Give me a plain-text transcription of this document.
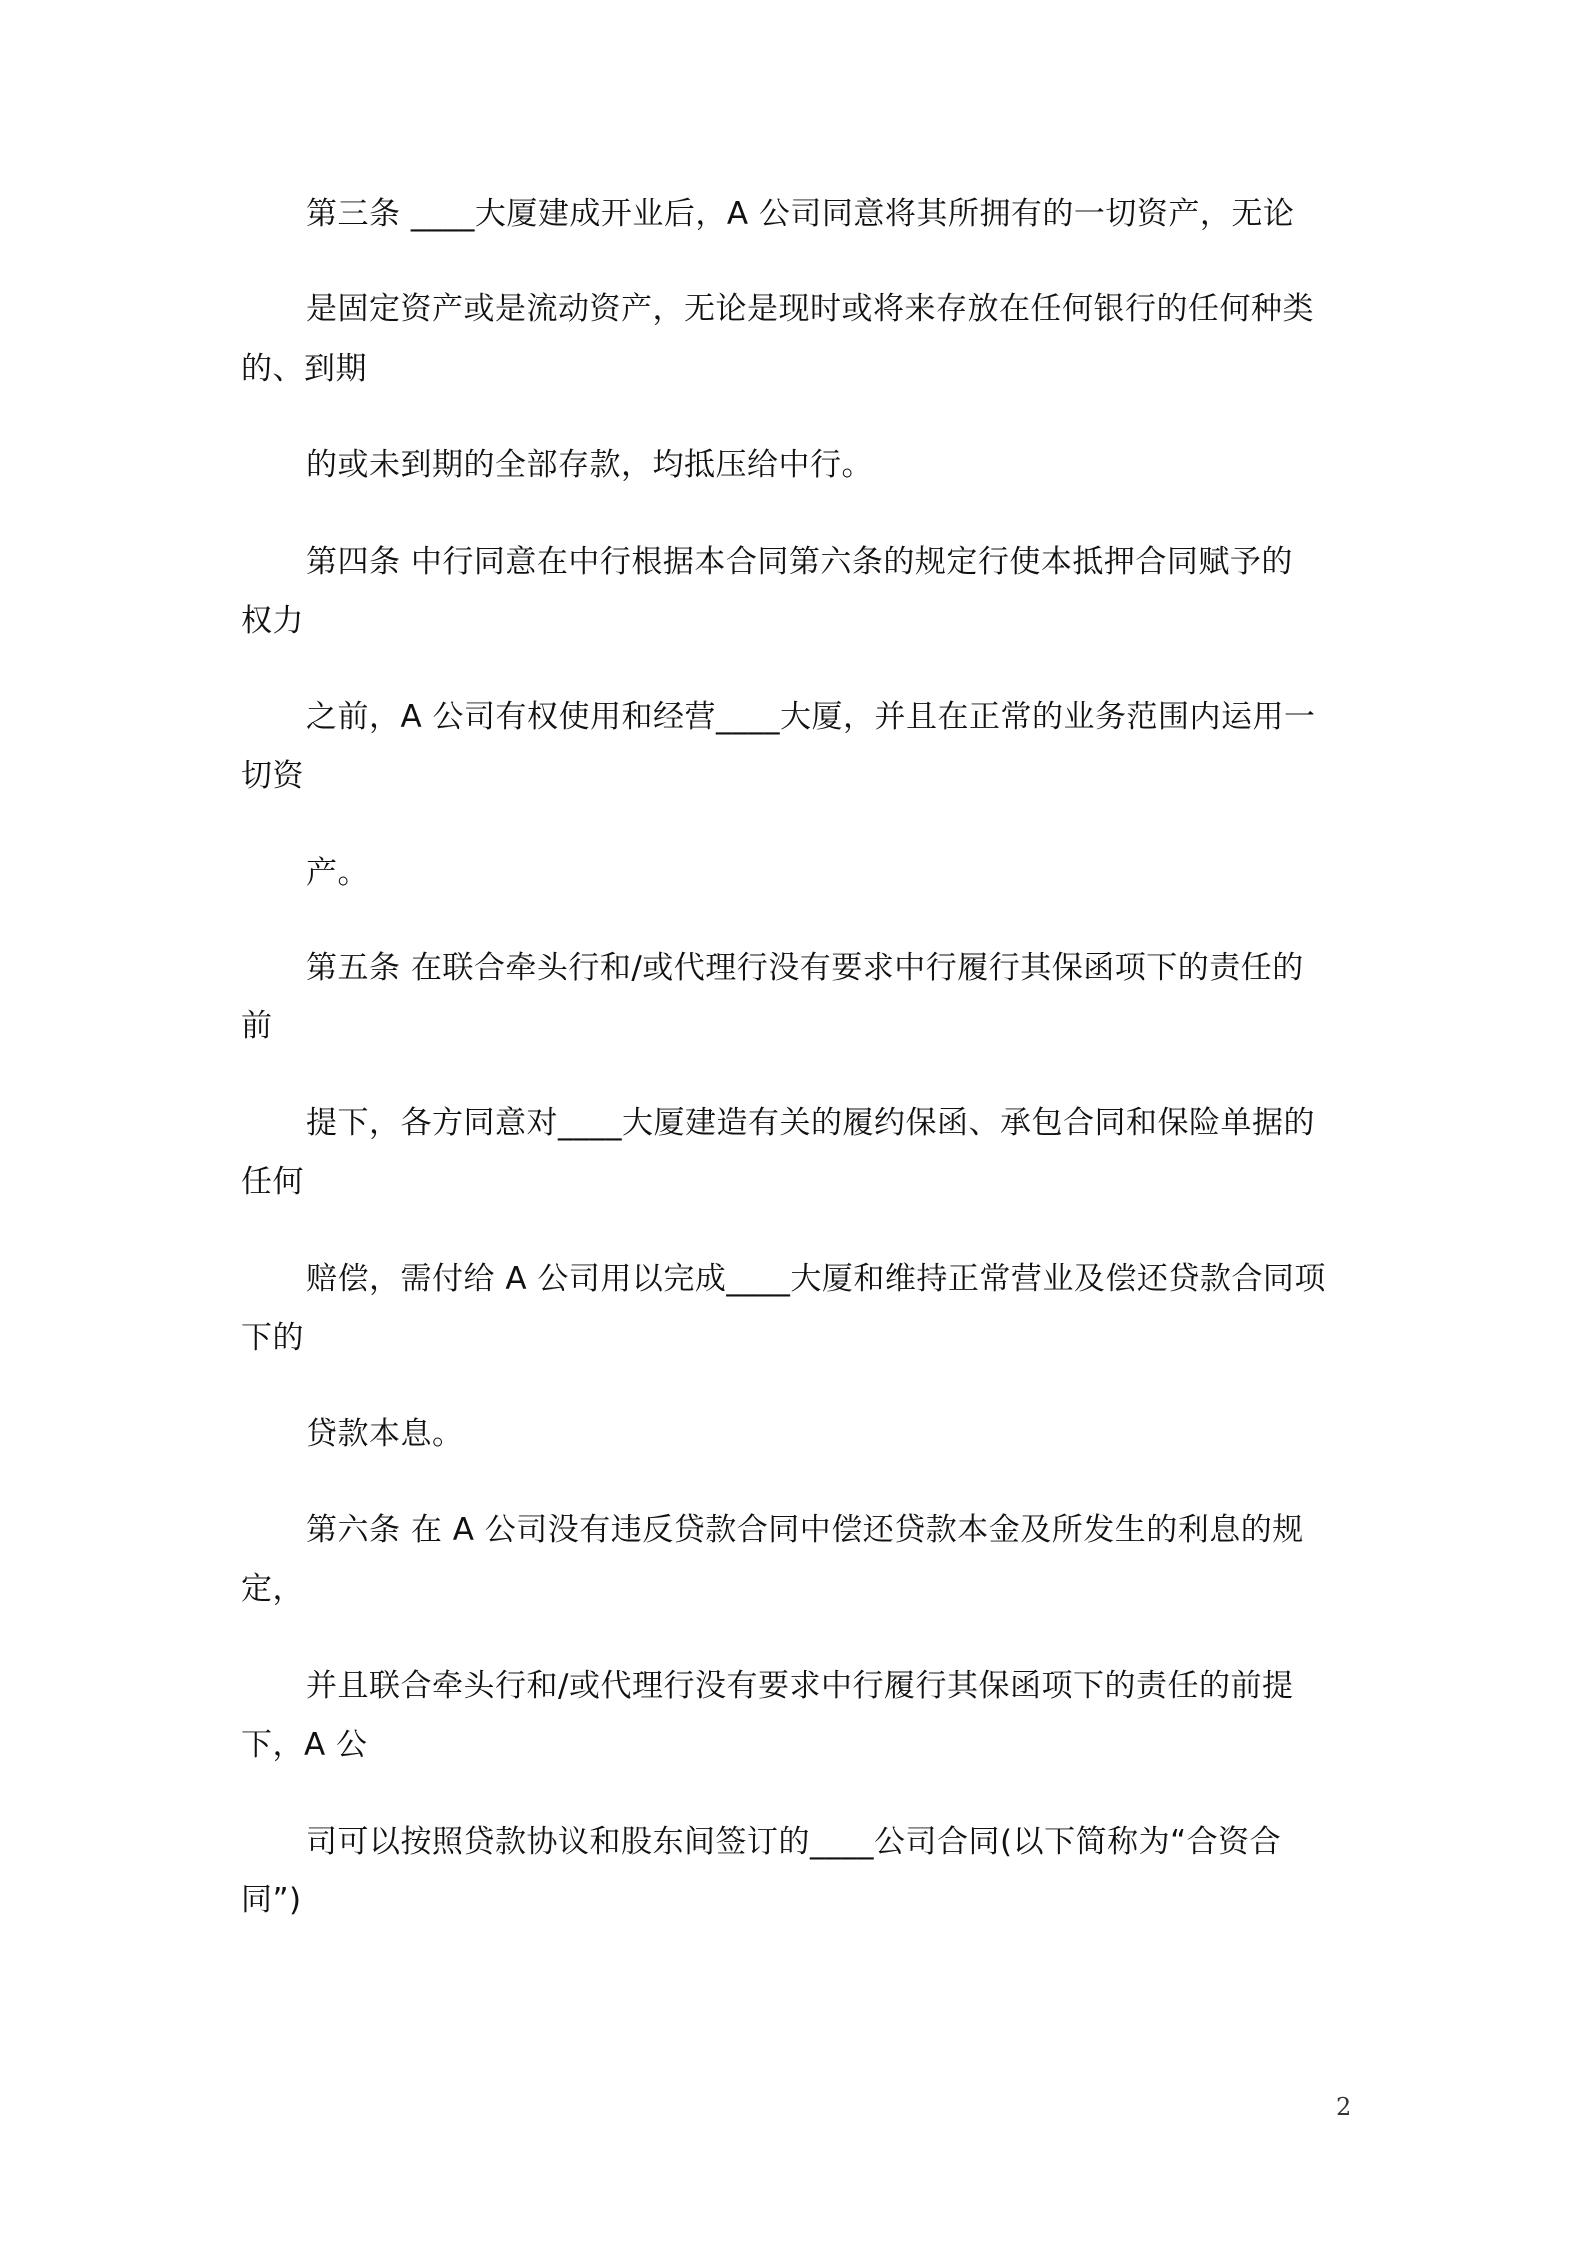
第三条 ____大厦建成开业后，A 公司同意将其所拥有的一切资产，无论

是固定资产或是流动资产，无论是现时或将来存放在任何银行的任何种类

的、到期

的或未到期的全部存款，均抵压给中行。

第四条 中行同意在中行根据本合同第六条的规定行使本抵押合同赋予的

权力

之前，A 公司有权使用和经营____大厦，并且在正常的业务范围内运用一

切资

产。

第五条 在联合牵头行和/或代理行没有要求中行履行其保函项下的责任的

前

提下，各方同意对____大厦建造有关的履约保函、承包合同和保险单据的

任何

赔偿，需付给 A 公司用以完成____大厦和维持正常营业及偿还贷款合同项

下的

贷款本息。

第六条 在 A 公司没有违反贷款合同中偿还贷款本金及所发生的利息的规

定，

并且联合牵头行和/或代理行没有要求中行履行其保函项下的责任的前提

下，A 公

司可以按照贷款协议和股东间签订的____公司合同(以下简称为“合资合

同”)

2
